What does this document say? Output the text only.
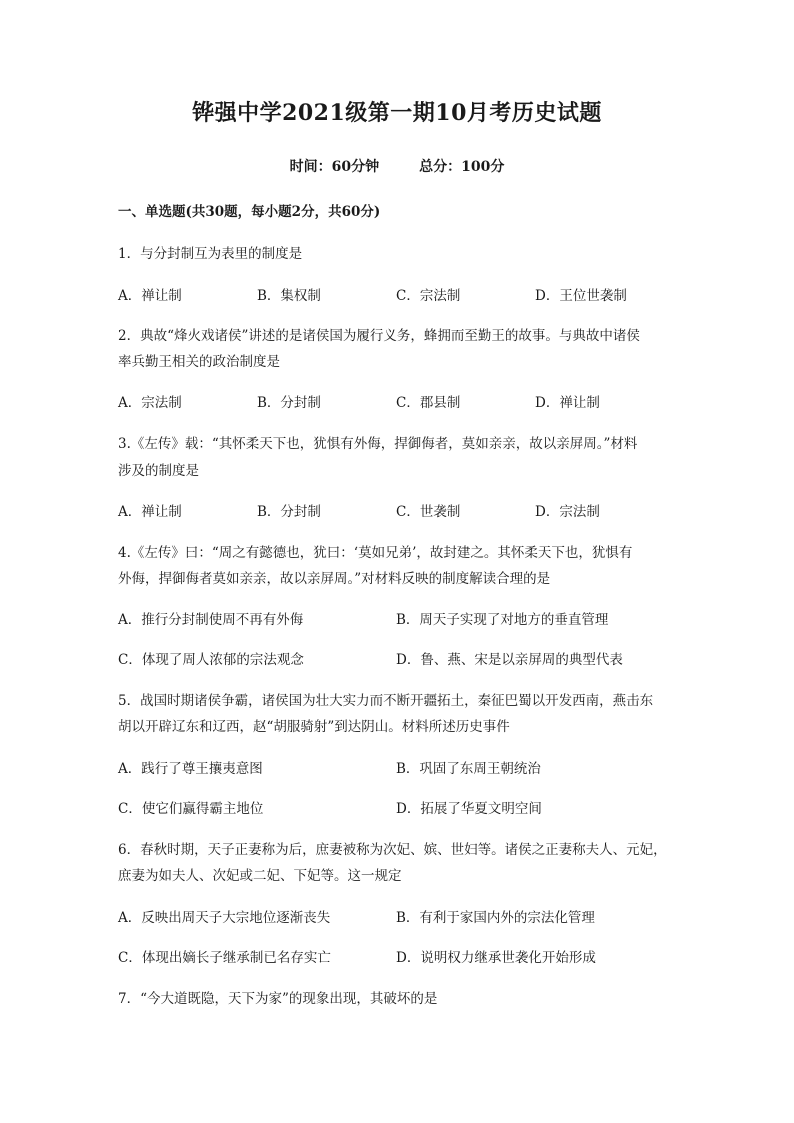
铧强中学2021级第一期10月考历史试题
时间：60分钟	总分：100分
一、单选题(共30题，每小题2分，共60分)
1．与分封制互为表里的制度是
A．禅让制	B．集权制	C．宗法制	D．王位世袭制
2．典故“烽火戏诸侯”讲述的是诸侯国为履行义务，蜂拥而至勤王的故事。与典故中诸侯
率兵勤王相关的政治制度是
A．宗法制	B．分封制	C．郡县制	D．禅让制
3.《左传》载：“其怀柔天下也，犹惧有外侮，捍御侮者，莫如亲亲，故以亲屏周。”材料
涉及的制度是
A．禅让制	B．分封制	C．世袭制	D．宗法制
4.《左传》曰：“周之有懿德也，犹曰：‘莫如兄弟’，故封建之。其怀柔天下也，犹惧有
外侮，捍御侮者莫如亲亲，故以亲屏周。”对材料反映的制度解读合理的是
A．推行分封制使周不再有外侮	B．周天子实现了对地方的垂直管理
C．体现了周人浓郁的宗法观念	D．鲁、燕、宋是以亲屏周的典型代表
5．战国时期诸侯争霸，诸侯国为壮大实力而不断开疆拓土，秦征巴蜀以开发西南，燕击东
胡以开辟辽东和辽西，赵“胡服骑射”到达阴山。材料所述历史事件
A．践行了尊王攘夷意图	B．巩固了东周王朝统治
C．使它们赢得霸主地位	D．拓展了华夏文明空间
6．春秋时期，天子正妻称为后，庶妻被称为次妃、嫔、世妇等。诸侯之正妻称夫人、元妃，
庶妻为如夫人、次妃或二妃、下妃等。这一规定
A．反映出周天子大宗地位逐渐丧失	B．有利于家国内外的宗法化管理
C．体现出嫡长子继承制已名存实亡	D．说明权力继承世袭化开始形成
7．“今大道既隐，天下为家”的现象出现，其破坏的是
